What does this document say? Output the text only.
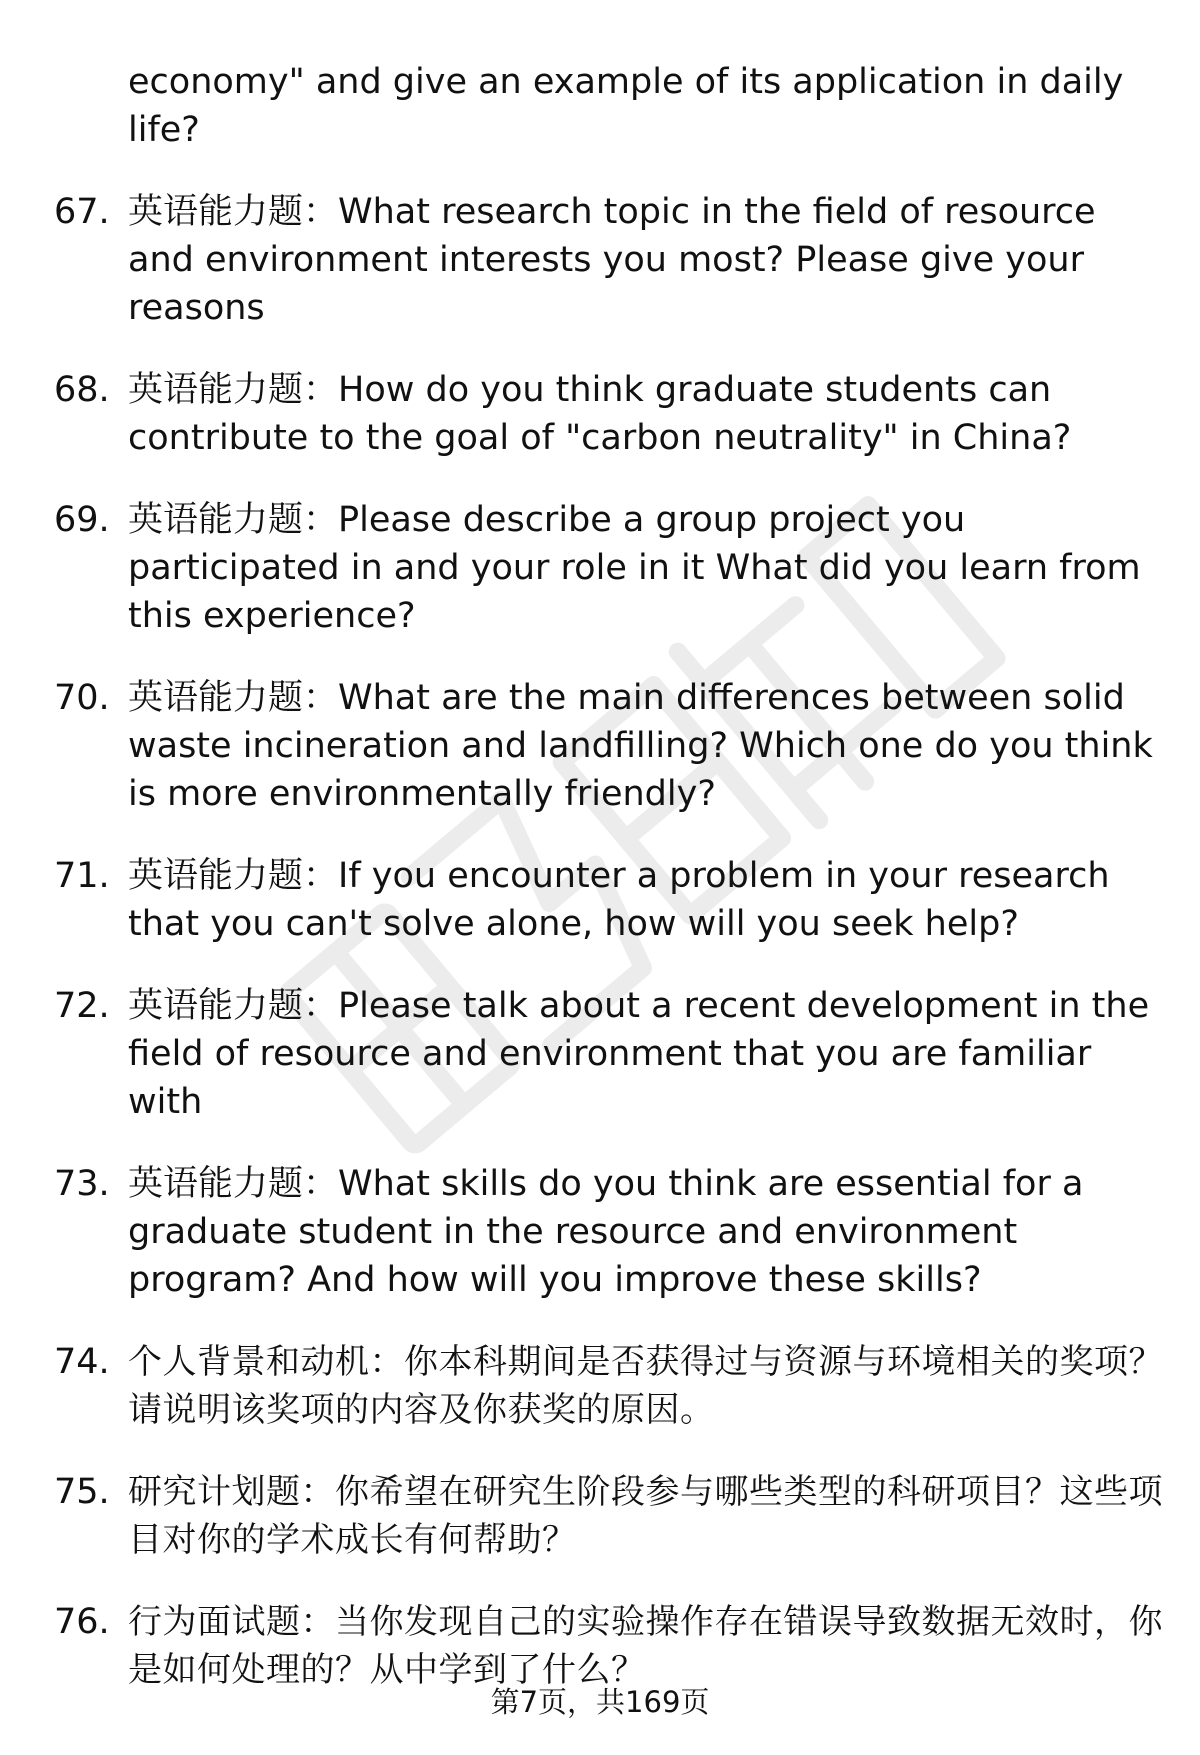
economy" and give an example of its application in daily life?

67. 英语能力题：What research topic in the field of resource and environment interests you most? Please give your reasons
68. 英语能力题：How do you think graduate students can contribute to the goal of "carbon neutrality" in China?
69. 英语能力题：Please describe a group project you participated in and your role in it What did you learn from this experience?
70. 英语能力题：What are the main differences between solid waste incineration and landfilling? Which one do you think is more environmentally friendly?
71. 英语能力题：If you encounter a problem in your research that you can't solve alone, how will you seek help?
72. 英语能力题：Please talk about a recent development in the field of resource and environment that you are familiar with
73. 英语能力题：What skills do you think are essential for a graduate student in the resource and environment program? And how will you improve these skills?
74. 个人背景和动机：你本科期间是否获得过与资源与环境相关的奖项？请说明该奖项的内容及你获奖的原因。
75. 研究计划题：你希望在研究生阶段参与哪些类型的科研项目？这些项目对你的学术成长有何帮助？
76. 行为面试题：当你发现自己的实验操作存在错误导致数据无效时，你是如何处理的？从中学到了什么？
第7页，共169页
